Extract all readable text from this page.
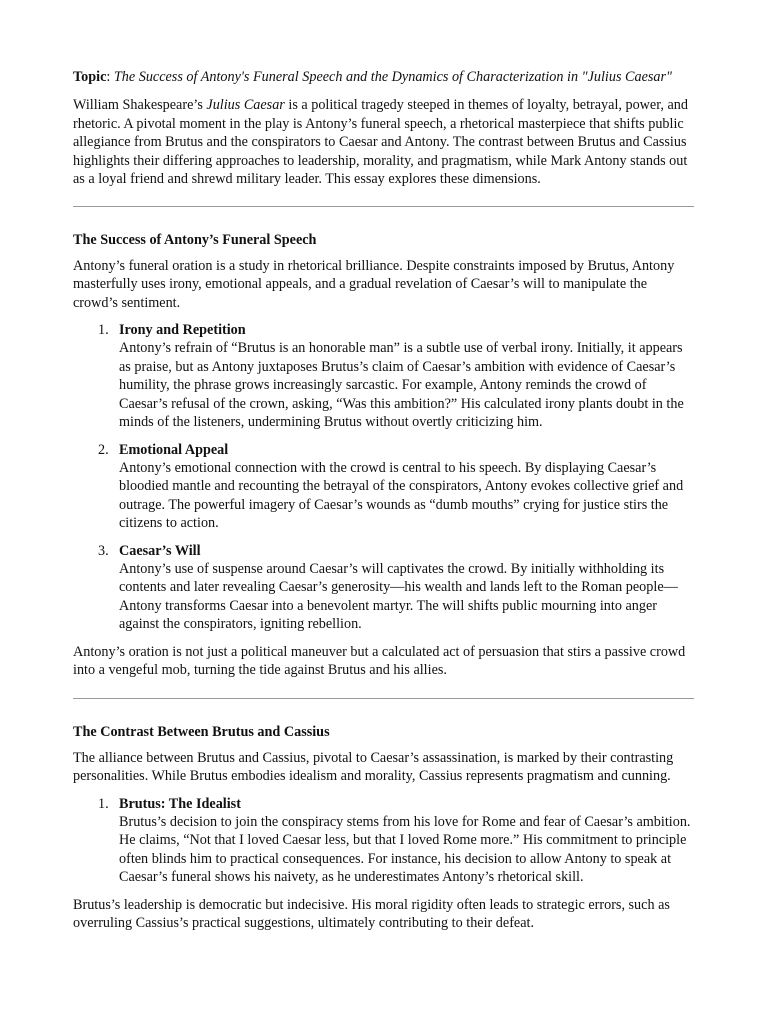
Topic: The Success of Antony's Funeral Speech and the Dynamics of Characterization in "Julius Caesar"

William Shakespeare’s Julius Caesar is a political tragedy steeped in themes of loyalty, betrayal, power, and rhetoric. A pivotal moment in the play is Antony’s funeral speech, a rhetorical masterpiece that shifts public allegiance from Brutus and the conspirators to Caesar and Antony. The contrast between Brutus and Cassius highlights their differing approaches to leadership, morality, and pragmatism, while Mark Antony stands out as a loyal friend and shrewd military leader. This essay explores these dimensions.

The Success of Antony’s Funeral Speech

Antony’s funeral oration is a study in rhetorical brilliance. Despite constraints imposed by Brutus, Antony masterfully uses irony, emotional appeals, and a gradual revelation of Caesar’s will to manipulate the crowd’s sentiment.

1. Irony and Repetition
Antony’s refrain of “Brutus is an honorable man” is a subtle use of verbal irony. Initially, it appears as praise, but as Antony juxtaposes Brutus’s claim of Caesar’s ambition with evidence of Caesar’s humility, the phrase grows increasingly sarcastic. For example, Antony reminds the crowd of Caesar’s refusal of the crown, asking, “Was this ambition?” His calculated irony plants doubt in the minds of the listeners, undermining Brutus without overtly criticizing him.
2. Emotional Appeal
Antony’s emotional connection with the crowd is central to his speech. By displaying Caesar’s bloodied mantle and recounting the betrayal of the conspirators, Antony evokes collective grief and outrage. The powerful imagery of Caesar’s wounds as “dumb mouths” crying for justice stirs the citizens to action.
3. Caesar’s Will
Antony’s use of suspense around Caesar’s will captivates the crowd. By initially withholding its contents and later revealing Caesar’s generosity—his wealth and lands left to the Roman people—Antony transforms Caesar into a benevolent martyr. The will shifts public mourning into anger against the conspirators, igniting rebellion.

Antony’s oration is not just a political maneuver but a calculated act of persuasion that stirs a passive crowd into a vengeful mob, turning the tide against Brutus and his allies.

The Contrast Between Brutus and Cassius

The alliance between Brutus and Cassius, pivotal to Caesar’s assassination, is marked by their contrasting personalities. While Brutus embodies idealism and morality, Cassius represents pragmatism and cunning.

1. Brutus: The Idealist
Brutus’s decision to join the conspiracy stems from his love for Rome and fear of Caesar’s ambition. He claims, “Not that I loved Caesar less, but that I loved Rome more.” His commitment to principle often blinds him to practical consequences. For instance, his decision to allow Antony to speak at Caesar’s funeral shows his naivety, as he underestimates Antony’s rhetorical skill.

Brutus’s leadership is democratic but indecisive. His moral rigidity often leads to strategic errors, such as overruling Cassius’s practical suggestions, ultimately contributing to their defeat.
